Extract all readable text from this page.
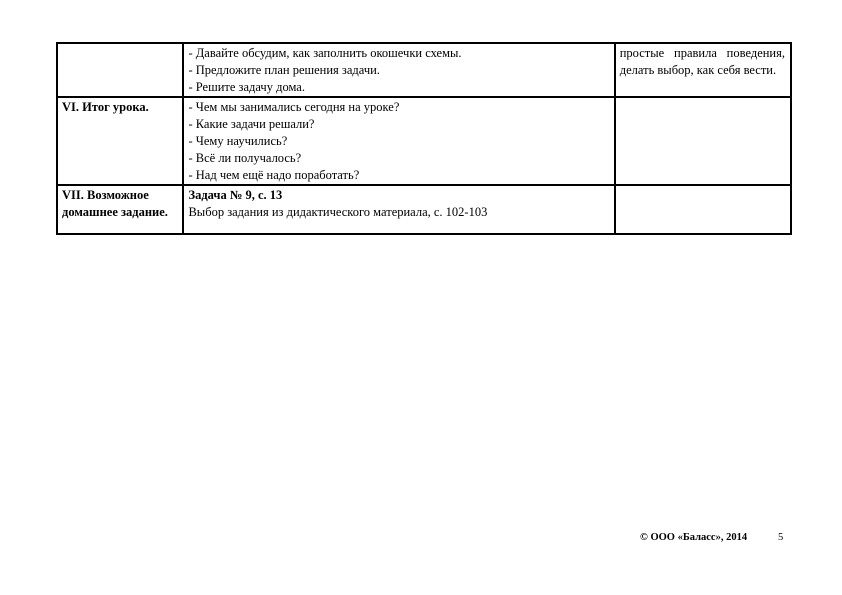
	- Давайте обсудим, как заполнить окошечки схемы.
- Предложите план решения задачи.
- Решите задачу дома.	простые правила поведения, делать выбор, как себя вести.
VI. Итог урока.	- Чем мы занимались сегодня на уроке?
- Какие задачи решали?
- Чему научились?
- Всё ли получалось?
- Над чем ещё надо поработать?	

VII. Возможное домашнее задание.	Задача № 9, с. 13
Выбор задания из дидактического материала, с. 102-103	

© ООО «Баласс», 2014	5
